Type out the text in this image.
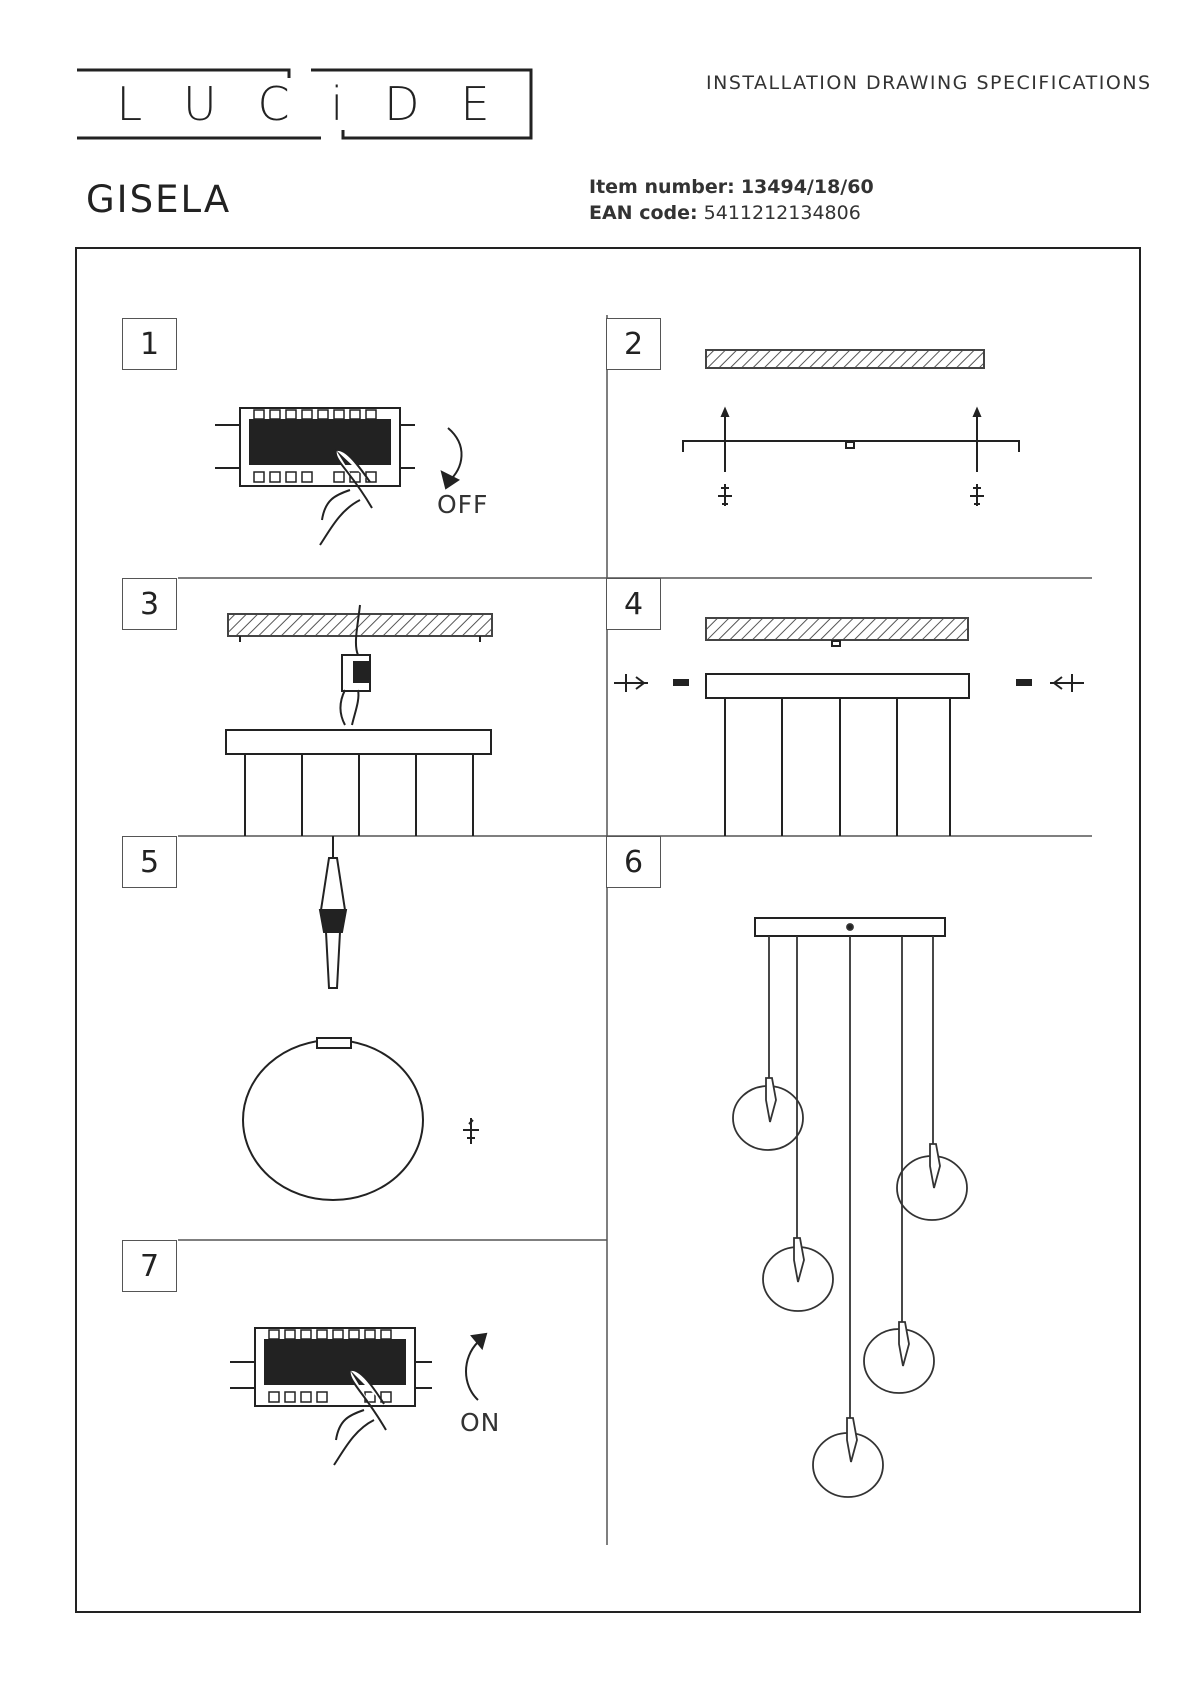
L U C i D E	INSTALLATION DRAWING SPECIFICATIONS
GISELA	Item number: 13494/18/60
EAN code: 5411212134806
1	2
3	4
5	6
7
OFF
ON
